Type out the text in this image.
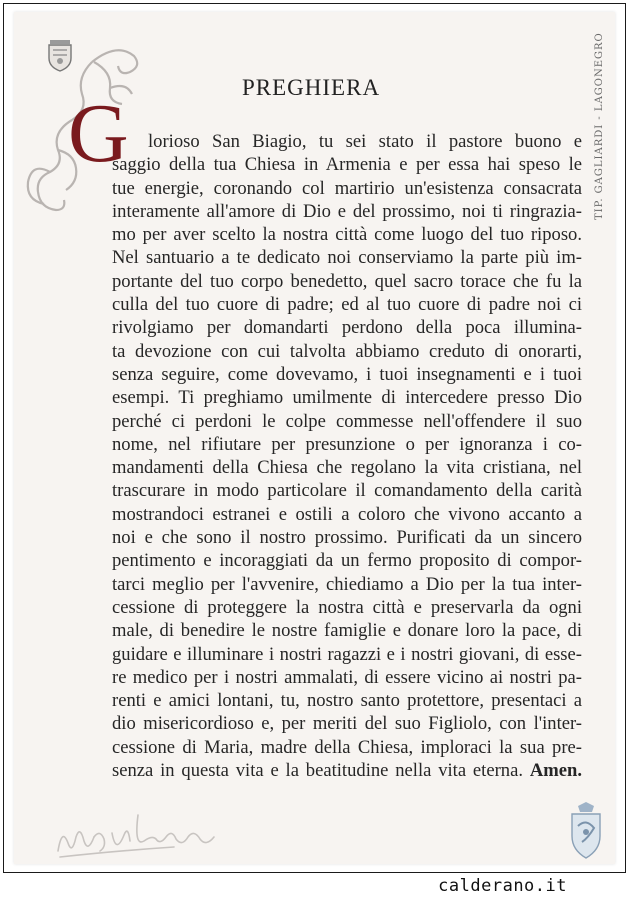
TIP. GAGLIARDI - LAGONEGRO
PREGHIERA
G	lorioso San Biagio, tu sei stato il pastore buono e
saggio della tua Chiesa in Armenia e per essa hai speso le
tue energie, coronando col martirio un'esistenza consacrata
interamente all'amore di Dio e del prossimo, noi ti ringrazia-
mo per aver scelto la nostra città come luogo del tuo riposo.
Nel santuario a te dedicato noi conserviamo la parte più im-
portante del tuo corpo benedetto, quel sacro torace che fu la
culla del tuo cuore di padre; ed al tuo cuore di padre noi ci
rivolgiamo per domandarti perdono della poca illumina-
ta devozione con cui talvolta abbiamo creduto di onorarti,
senza seguire, come dovevamo, i tuoi insegnamenti e i tuoi
esempi. Ti preghiamo umilmente di intercedere presso Dio
perché ci perdoni le colpe commesse nell'offendere il suo
nome, nel rifiutare per presunzione o per ignoranza i co-
mandamenti della Chiesa che regolano la vita cristiana, nel
trascurare in modo particolare il comandamento della carità
mostrandoci estranei e ostili a coloro che vivono accanto a
noi e che sono il nostro prossimo. Purificati da un sincero
pentimento e incoraggiati da un fermo proposito di compor-
tarci meglio per l'avvenire, chiediamo a Dio per la tua inter-
cessione di proteggere la nostra città e preservarla da ogni
male, di benedire le nostre famiglie e donare loro la pace, di
guidare e illuminare i nostri ragazzi e i nostri giovani, di esse-
re medico per i nostri ammalati, di essere vicino ai nostri pa-
renti e amici lontani, tu, nostro santo protettore, presentaci a
dio misericordioso e, per meriti del suo Figliolo, con l'inter-
cessione di Maria, madre della Chiesa, imploraci la sua pre-
senza in questa vita e la beatitudine nella vita eterna. Amen.
calderano.it
